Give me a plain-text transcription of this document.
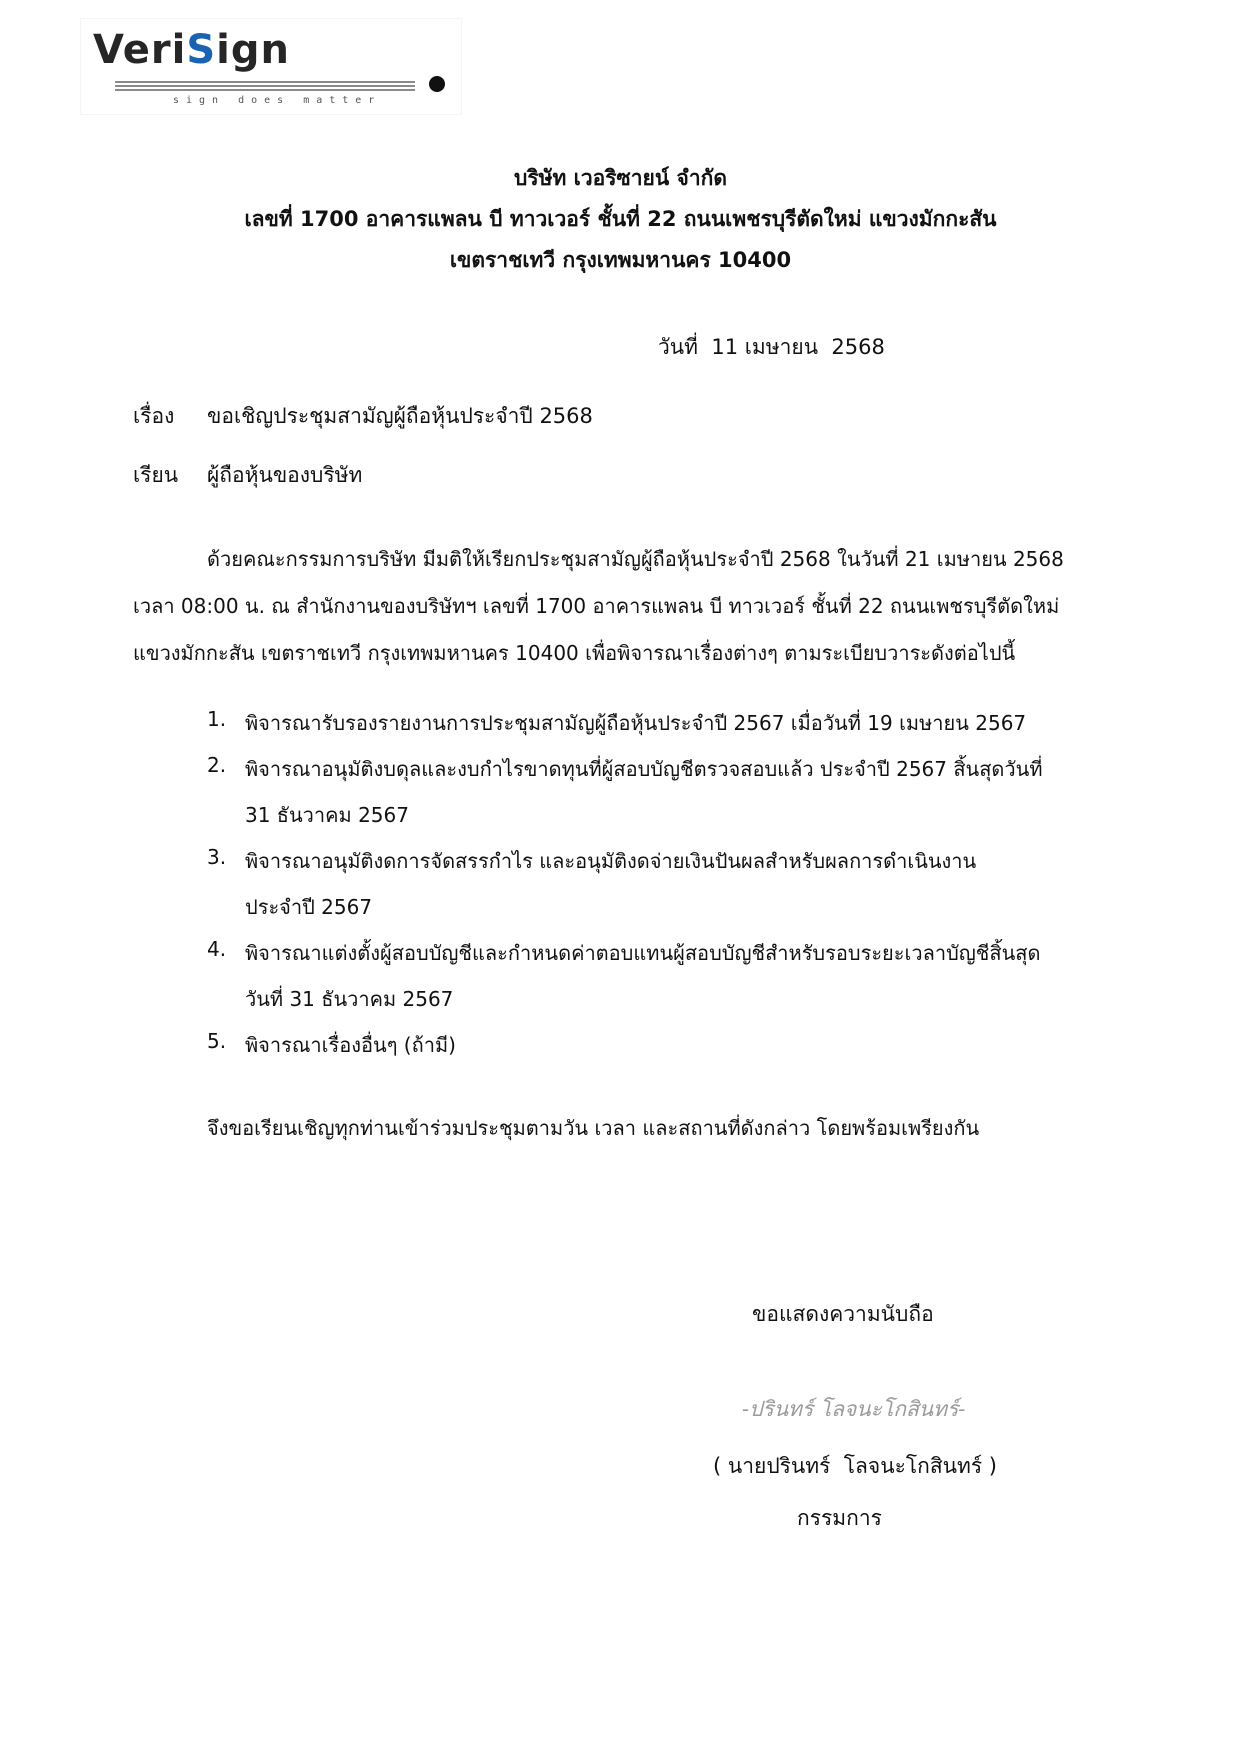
VeriSign
sign does matter
บริษัท เวอริซายน์ จำกัด
เลขที่ 1700 อาคารแพลน บี ทาวเวอร์ ชั้นที่ 22 ถนนเพชรบุรีตัดใหม่ แขวงมักกะสัน
เขตราชเทวี กรุงเทพมหานคร 10400
วันที่  11 เมษายน  2568
เรื่อง ขอเชิญประชุมสามัญผู้ถือหุ้นประจำปี 2568
เรียน ผู้ถือหุ้นของบริษัท
ด้วยคณะกรรมการบริษัท มีมติให้เรียกประชุมสามัญผู้ถือหุ้นประจำปี 2568 ในวันที่ 21 เมษายน 2568
เวลา 08:00 น. ณ สำนักงานของบริษัทฯ เลขที่ 1700 อาคารแพลน บี ทาวเวอร์ ชั้นที่ 22 ถนนเพชรบุรีตัดใหม่
แขวงมักกะสัน เขตราชเทวี กรุงเทพมหานคร 10400 เพื่อพิจารณาเรื่องต่างๆ ตามระเบียบวาระดังต่อไปนี้
1. พิจารณารับรองรายงานการประชุมสามัญผู้ถือหุ้นประจำปี 2567 เมื่อวันที่ 19 เมษายน 2567
2. พิจารณาอนุมัติงบดุลและงบกำไรขาดทุนที่ผู้สอบบัญชีตรวจสอบแล้ว ประจำปี 2567 สิ้นสุดวันที่
31 ธันวาคม 2567
3. พิจารณาอนุมัติงดการจัดสรรกำไร และอนุมัติงดจ่ายเงินปันผลสำหรับผลการดำเนินงาน
ประจำปี 2567
4. พิจารณาแต่งตั้งผู้สอบบัญชีและกำหนดค่าตอบแทนผู้สอบบัญชีสำหรับรอบระยะเวลาบัญชีสิ้นสุด
วันที่ 31 ธันวาคม 2567
5. พิจารณาเรื่องอื่นๆ (ถ้ามี)
จึงขอเรียนเชิญทุกท่านเข้าร่วมประชุมตามวัน เวลา และสถานที่ดังกล่าว โดยพร้อมเพรียงกัน
ขอแสดงความนับถือ
-ปรินทร์ โลจนะโกสินทร์-
( นายปรินทร์  โลจนะโกสินทร์ )
กรรมการ
